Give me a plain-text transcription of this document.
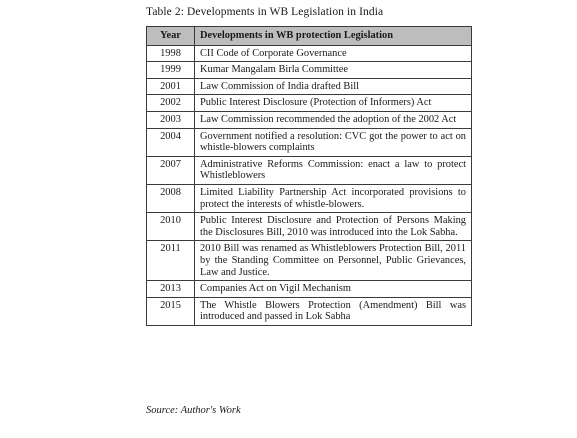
Table 2: Developments in WB Legislation in India
Year	Developments in WB protection Legislation
1998	CII Code of Corporate Governance
1999	Kumar Mangalam Birla Committee
2001	Law Commission of India drafted Bill
2002	Public Interest Disclosure (Protection of Informers) Act
2003	Law Commission recommended the adoption of the 2002 Act
2004	Government notified a resolution: CVC got the power to act on whistle-blowers complaints
2007	Administrative Reforms Commission: enact a law to protect Whistleblowers
2008	Limited Liability Partnership Act incorporated provisions to protect the interests of whistle-blowers.
2010	Public Interest Disclosure and Protection of Persons Making the Disclosures Bill, 2010 was introduced into the Lok Sabha.
2011	2010 Bill was renamed as Whistleblowers Protection Bill, 2011 by the Standing Committee on Personnel, Public Grievances, Law and Justice.
2013	Companies Act on Vigil Mechanism
2015	The Whistle Blowers Protection (Amendment) Bill was introduced and passed in Lok Sabha
Source: Author's Work
